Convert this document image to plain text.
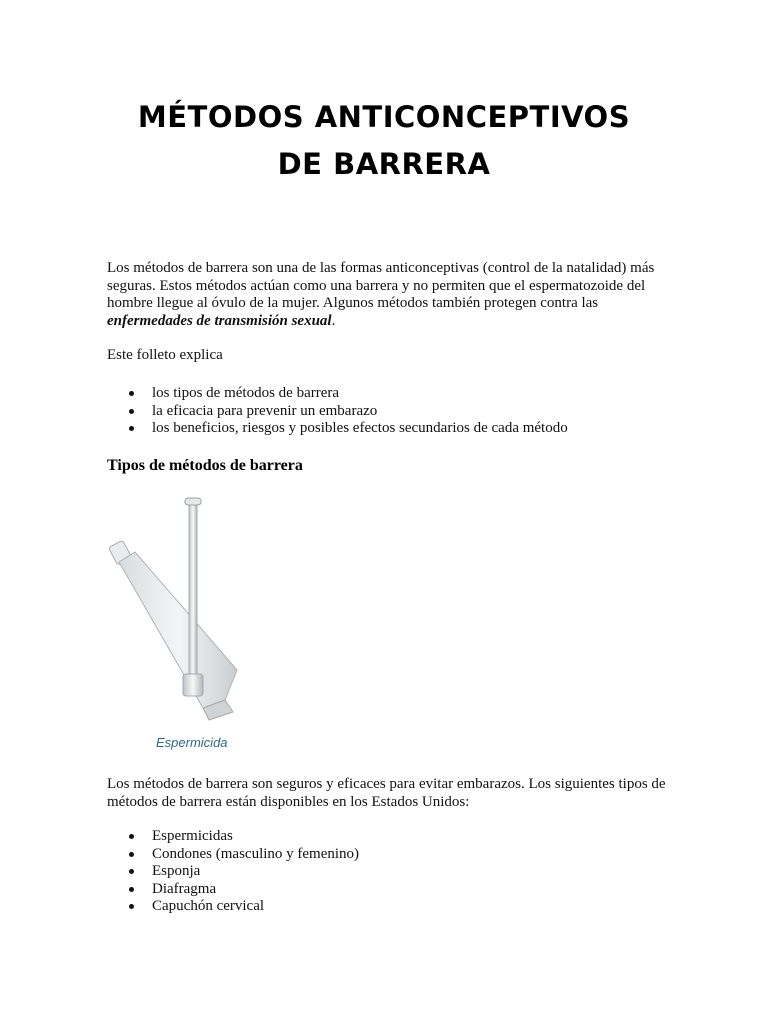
MÉTODOS ANTICONCEPTIVOS
DE BARRERA
Los métodos de barrera son una de las formas anticonceptivas (control de la natalidad) más seguras. Estos métodos actúan como una barrera y no permiten que el espermatozoide del hombre llegue al óvulo de la mujer. Algunos métodos también protegen contra las enfermedades de transmisión sexual.
Este folleto explica
los tipos de métodos de barrera
la eficacia para prevenir un embarazo
los beneficios, riesgos y posibles efectos secundarios de cada método
Tipos de métodos de barrera
Espermicida
Los métodos de barrera son seguros y eficaces para evitar embarazos. Los siguientes tipos de métodos de barrera están disponibles en los Estados Unidos:
Espermicidas
Condones (masculino y femenino)
Esponja
Diafragma
Capuchón cervical
